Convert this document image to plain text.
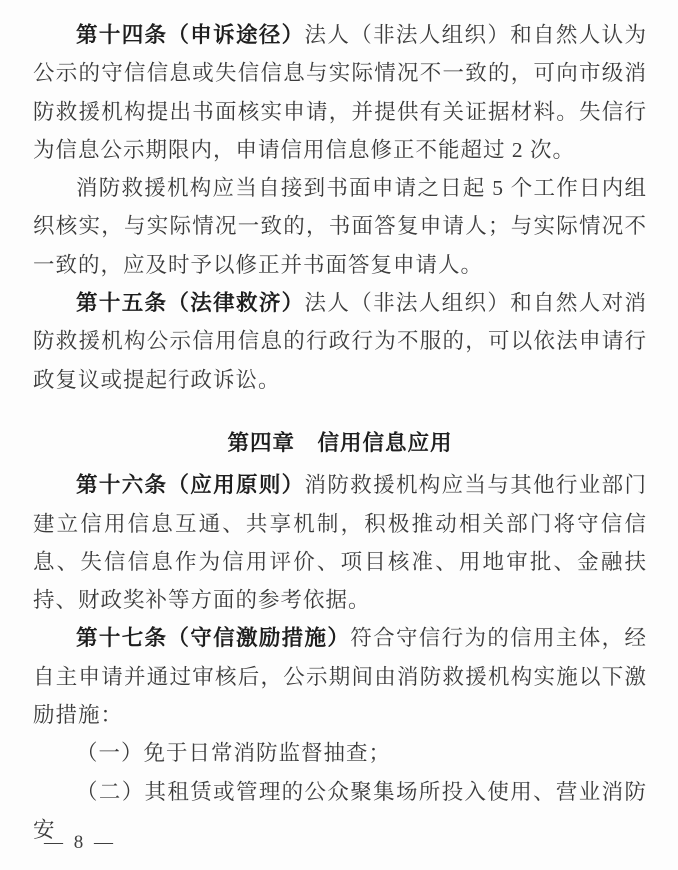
第十四条（申诉途径）法人（非法人组织）和自然人认为公示的守信信息或失信信息与实际情况不一致的，可向市级消防救援机构提出书面核实申请，并提供有关证据材料。失信行为信息公示期限内，申请信用信息修正不能超过 2 次。

消防救援机构应当自接到书面申请之日起 5 个工作日内组织核实，与实际情况一致的，书面答复申请人；与实际情况不一致的，应及时予以修正并书面答复申请人。

第十五条（法律救济）法人（非法人组织）和自然人对消防救援机构公示信用信息的行政行为不服的，可以依法申请行政复议或提起行政诉讼。

第四章　信用信息应用

第十六条（应用原则）消防救援机构应当与其他行业部门建立信用信息互通、共享机制，积极推动相关部门将守信信息、失信信息作为信用评价、项目核准、用地审批、金融扶持、财政奖补等方面的参考依据。

第十七条（守信激励措施）符合守信行为的信用主体，经自主申请并通过审核后，公示期间由消防救援机构实施以下激励措施：

（一）免于日常消防监督抽查；

（二）其租赁或管理的公众聚集场所投入使用、营业消防安

— 8 —
